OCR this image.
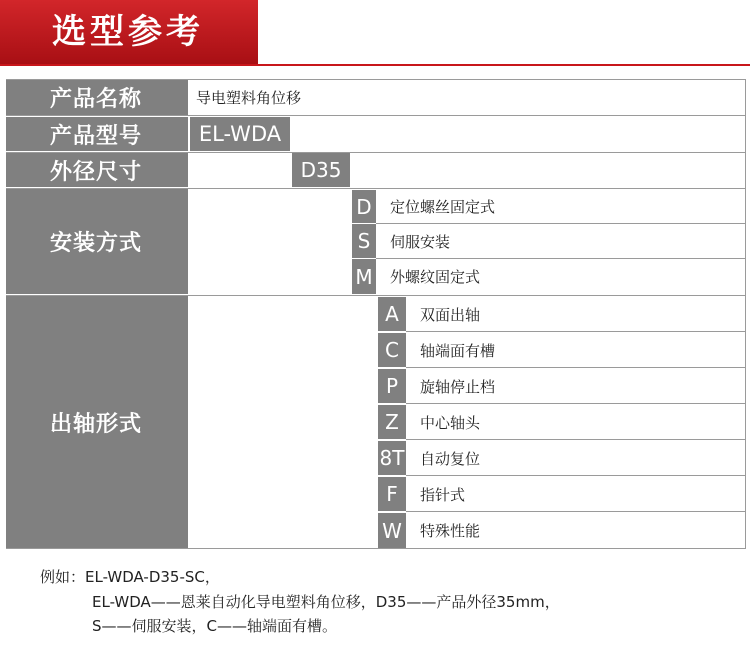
选型参考
产品名称	导电塑料角位移
产品型号	EL-WDA
外径尺寸	D35
安装方式
D 定位螺丝固定式
S	伺服安装
M 外螺纹固定式
出轴形式
A	双面出轴
C	轴端面有槽
P	旋轴停止档
Z	中心轴头
8T 自动复位
F	指针式
W 特殊性能
例如：EL-WDA-D35-SC，
EL-WDA——恩莱自动化导电塑料角位移，D35——产品外径35mm，
S——伺服安装，C——轴端面有槽。
